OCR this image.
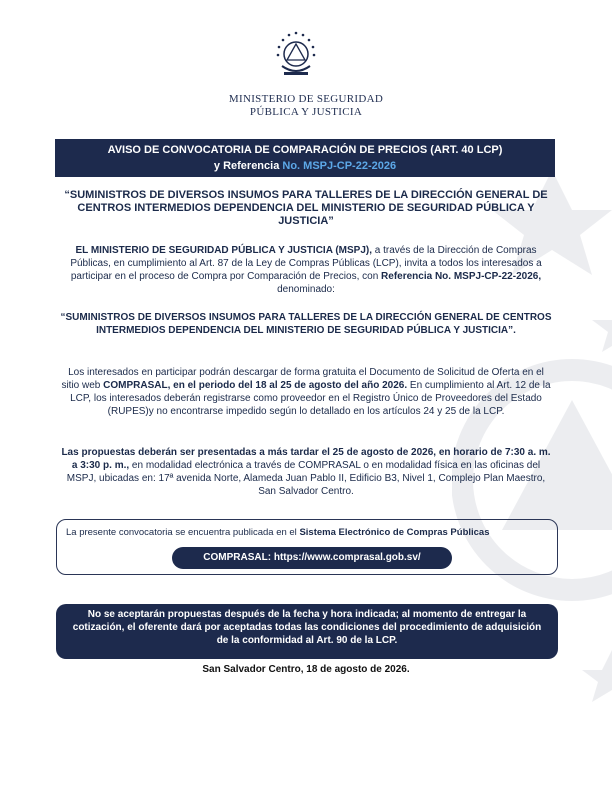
MINISTERIO DE SEGURIDAD
PÚBLICA Y JUSTICIA
AVISO DE CONVOCATORIA DE COMPARACIÓN DE PRECIOS (ART. 40 LCP)
y Referencia No. MSPJ-CP-22-2026
“SUMINISTROS DE DIVERSOS INSUMOS PARA TALLERES DE LA DIRECCIÓN GENERAL DE CENTROS INTERMEDIOS DEPENDENCIA DEL MINISTERIO DE SEGURIDAD PÚBLICA Y JUSTICIA”
EL MINISTERIO DE SEGURIDAD PÚBLICA Y JUSTICIA (MSPJ), a través de la Dirección de Compras Públicas, en cumplimiento al Art. 87 de la Ley de Compras Públicas (LCP), invita a todos los interesados a participar en el proceso de Compra por Comparación de Precios, con Referencia No. MSPJ-CP-22-2026, denominado:
“SUMINISTROS DE DIVERSOS INSUMOS PARA TALLERES DE LA DIRECCIÓN GENERAL DE CENTROS INTERMEDIOS DEPENDENCIA DEL MINISTERIO DE SEGURIDAD PÚBLICA Y JUSTICIA”.
Los interesados en participar podrán descargar de forma gratuita el Documento de Solicitud de Oferta en el sitio web COMPRASAL, en el periodo del 18 al 25 de agosto del año 2026. En cumplimiento al Art. 12 de la LCP, los interesados deberán registrarse como proveedor en el Registro Único de Proveedores del Estado (RUPES)y no encontrarse impedido según lo detallado en los artículos 24 y 25 de la LCP.
Las propuestas deberán ser presentadas a más tardar el 25 de agosto de 2026, en horario de 7:30 a. m. a 3:30 p. m., en modalidad electrónica a través de COMPRASAL o en modalidad física en las oficinas del MSPJ, ubicadas en: 17ª avenida Norte, Alameda Juan Pablo II, Edificio B3, Nivel 1, Complejo Plan Maestro, San Salvador Centro.
La presente convocatoria se encuentra publicada en el Sistema Electrónico de Compras Públicas
COMPRASAL: https://www.comprasal.gob.sv/
No se aceptarán propuestas después de la fecha y hora indicada; al momento de entregar la cotización, el oferente dará por aceptadas todas las condiciones del procedimiento de adquisición de la conformidad al Art. 90 de la LCP.
San Salvador Centro, 18 de agosto de 2026.
